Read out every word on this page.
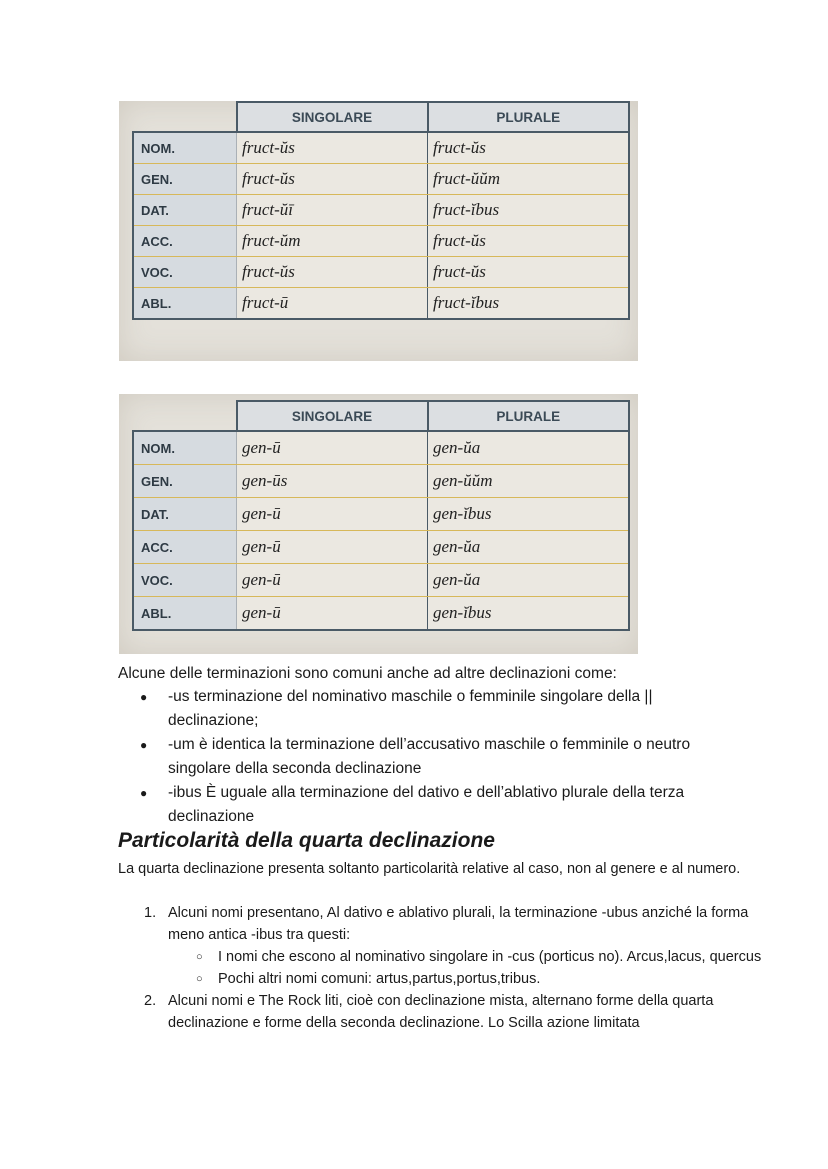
	SINGOLARE	PLURALE
NOM.	fruct-ŭs	fruct-ŭs
GEN.	fruct-ŭs	fruct-ŭŭm
DAT.	fruct-ŭī	fruct-ĭbus
ACC.	fruct-ŭm	fruct-ŭs
VOC.	fruct-ŭs	fruct-ŭs
ABL.	fruct-ū	fruct-ĭbus
	SINGOLARE	PLURALE
NOM.	gen-ū	gen-ŭa
GEN.	gen-ūs	gen-ŭŭm
DAT.	gen-ū	gen-ĭbus
ACC.	gen-ū	gen-ŭa
VOC.	gen-ū	gen-ŭa
ABL.	gen-ū	gen-ĭbus
Alcune delle terminazioni sono comuni anche ad altre declinazioni come:
● -us terminazione del nominativo maschile o femminile singolare della || declinazione;
● -um è identica la terminazione dell’accusativo maschile o femminile o neutro singolare della seconda declinazione
● -ibus È uguale alla terminazione del dativo e dell’ablativo plurale della terza declinazione
Particolarità della quarta declinazione
La quarta declinazione presenta soltanto particolarità relative al caso, non al genere e al numero.
1. Alcuni nomi presentano, Al dativo e ablativo plurali, la terminazione -ubus anziché la forma meno antica -ibus tra questi:
○ I nomi che escono al nominativo singolare in -cus (porticus no). Arcus,lacus, quercus
○ Pochi altri nomi comuni: artus,partus,portus,tribus.
2. Alcuni nomi e The Rock liti, cioè con declinazione mista, alternano forme della quarta declinazione e forme della seconda declinazione. Lo Scilla azione limitata
